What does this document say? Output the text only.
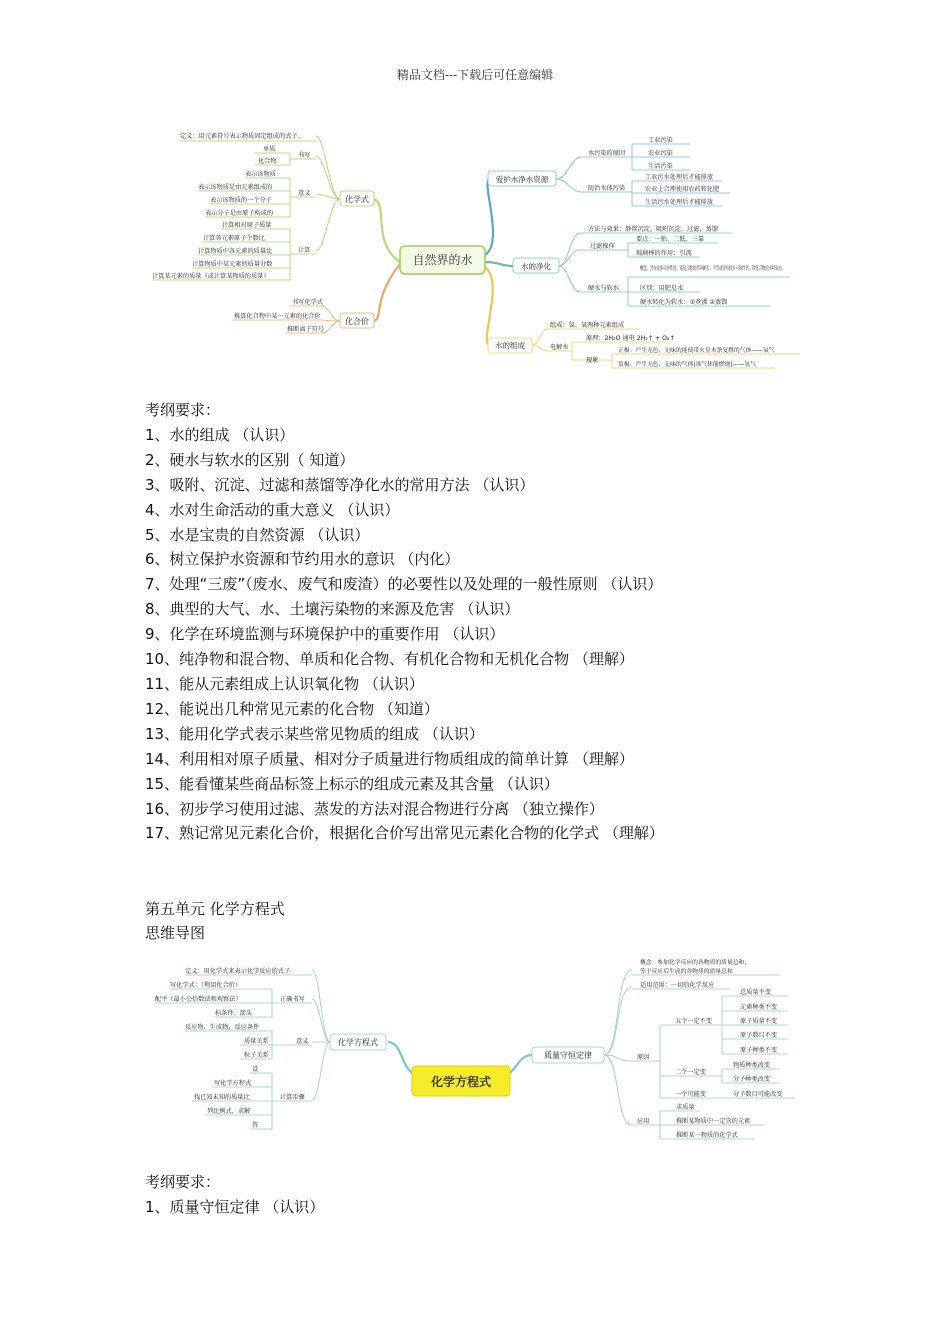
精品文档---下载后可任意编辑
自然界的水
化学式
定义：用元素符号表示物质固定组成的式子。
书写
单质
化合物
意义
表示该物质
表示该物质是由元素组成的
表示该物质的一个分子
表示分子是由原子构成的
计算
计算相对原子质量
计算各元素原子个数比
计算物质中各元素的质量比
计算物质中某元素的质量分数
计算某元素的质量（或计算某物质的质量）
化合价
书写化学式
推算化合物中某一元素的化合价
推断离子符号
爱护水净水资源
水污染的原因
工业污染
农业污染
生活污染
防治水体污染
工业污水处理后才能排放
农业上合理使用农药和化肥
生活污水处理后才能排放
水的净化
方法与效果：静置沉淀、吸附沉淀、过滤、蒸馏
过滤操作
要点：一贴、二低、三靠
玻璃棒的作用：引流
硬水与软水
概念：含有较多可溶性钙、镁化合物的水叫硬水；不含或含有较少可溶性钙、镁化合物的水叫软水。
区别：用肥皂水
硬水转化为软水：①煮沸 ②蒸馏
水的组成
组成：氢、氧两种元素组成
电解水
原理：2H₂O 通电 2H₂↑ + O₂↑
现象
正极：产生无色、无味的能使带火星木条复燃的气体——氧气
负极：产生无色、无味的气体(该气体能燃烧)——氢气
考纲要求：
1、水的组成 （认识）
2、硬水与软水的区别（ 知道）
3、吸附、沉淀、过滤和蒸馏等净化水的常用方法 （认识）
4、水对生命活动的重大意义 （认识）
5、水是宝贵的自然资源 （认识）
6、树立保护水资源和节约用水的意识 （内化）
7、处理“三废”（废水、废气和废渣）的必要性以及处理的一般性原则 （认识）
8、典型的大气、水、土壤污染物的来源及危害 （认识）
9、化学在环境监测与环境保护中的重要作用 （认识）
10、纯净物和混合物、单质和化合物、有机化合物和无机化合物 （理解）
11、能从元素组成上认识氧化物 （认识）
12、能说出几种常见元素的化合物 （知道）
13、能用化学式表示某些常见物质的组成 （认识）
14、利用相对原子质量、相对分子质量进行物质组成的简单计算 （理解）
15、能看懂某些商品标签上标示的组成元素及其含量 （认识）
16、初步学习使用过滤、蒸发的方法对混合物进行分离 （独立操作）
17、熟记常见元素化合价，根据化合价写出常见元素化合物的化学式 （理解）
第五单元 化学方程式
思维导图
化学方程式
化学方程式
定义：用化学式来表示化学反应的式子
正确书写
写化学式：（利用化合价）
配平（最小公倍数法和观察法）
标条件、箭头
意义
反应物、生成物、反应条件
质量关系
粒子关系
计算步骤
设
写化学方程式
找已知未知的质量比
列比例式，求解
答
质量守恒定律
概念：参加化学反应的各物质的质量总和，
等于反应后生成的各物质的质量总和
适用范围：一切的化学反应
原因
五个一定不变
总质量不变
元素种类不变
原子质量不变
原子数目不变
原子种类不变
二个一定变
物质种类改变
分子种类改变
一个可能变	分子数目可能改变
应用
求质量
推断某物质中一定含的元素
推断某一物质的化学式
考纲要求：
1、质量守恒定律 （认识）
